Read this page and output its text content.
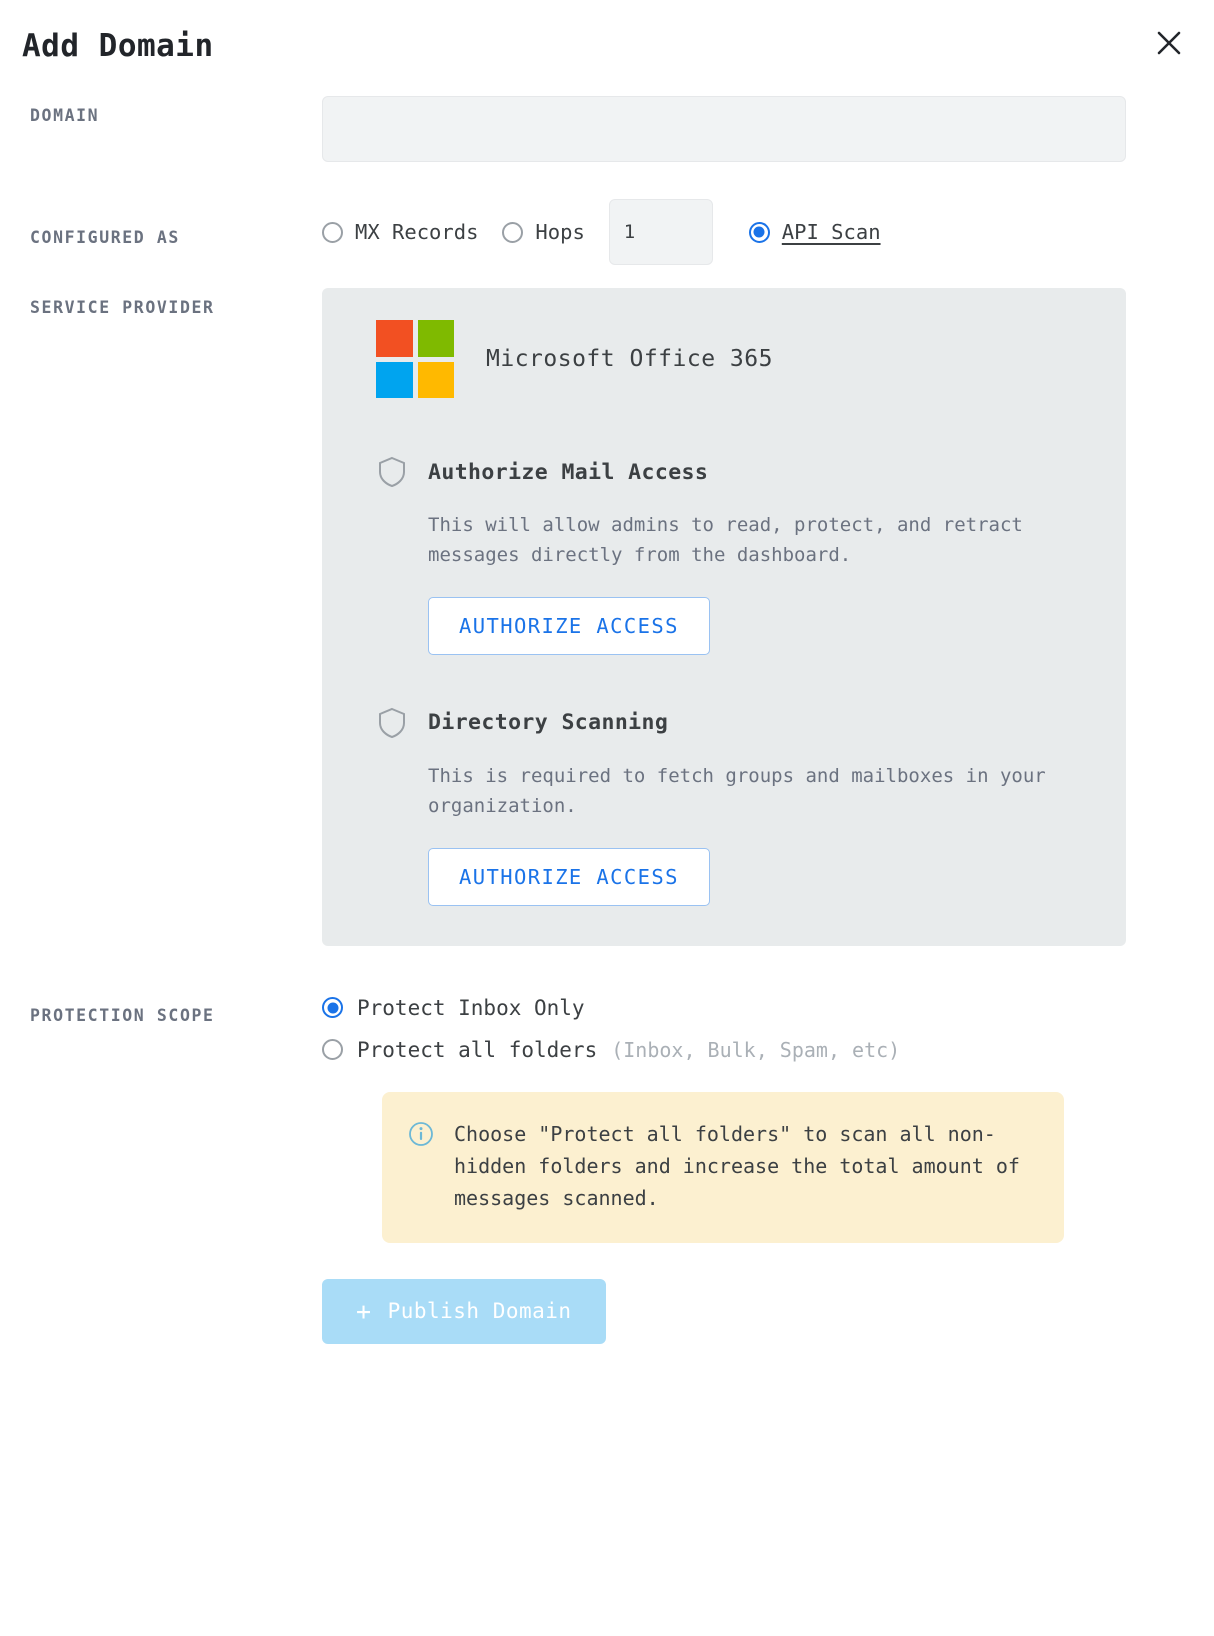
Add Domain
DOMAIN
CONFIGURED AS	MX Records	Hops
1	API Scan
SERVICE PROVIDER
Microsoft Office 365
Authorize Mail Access
This will allow admins to read, protect, and retract messages directly from the dashboard.
AUTHORIZE ACCESS
Directory Scanning
This is required to fetch groups and mailboxes in your organization.
AUTHORIZE ACCESS
PROTECTION SCOPE	Protect Inbox Only
Protect all folders (Inbox, Bulk, Spam, etc)
Choose "Protect all folders" to scan all non-hidden folders and increase the total amount of messages scanned.
+ Publish Domain
